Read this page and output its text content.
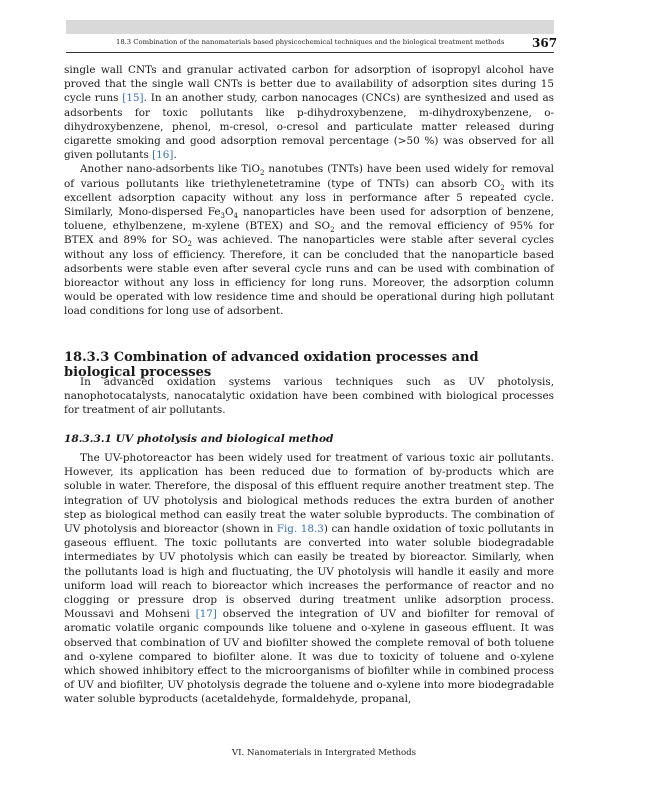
18.3 Combination of the nanomaterials based physicochemical techniques and the biological treatment methods 367

single wall CNTs and granular activated carbon for adsorption of isopropyl alcohol have proved that the single wall CNTs is better due to availability of adsorption sites during 15 cycle runs [15]. In an another study, carbon nanocages (CNCs) are synthesized and used as adsorbents for toxic pollutants like p-dihydroxybenzene, m-dihydroxybenzene, o-dihydroxybenzene, phenol, m-cresol, o-cresol and particulate matter released during cigarette smoking and good adsorption removal percentage (>50 %) was observed for all given pollutants [16].

Another nano-adsorbents like TiO$_2$ nanotubes (TNTs) have been used widely for removal of various pollutants like triethylenetetramine (type of TNTs) can absorb $CO_2$ with its excellent adsorption capacity without any loss in performance after 5 repeated cycle. Similarly, Mono-dispersed $Fe_3O_4$ nanoparticles have been used for adsorption of benzene, toluene, ethylbenzene, m-xylene (BTEX) and $SO_2$ and the removal efficiency of 95% for BTEX and 89% for $SO_2$ was achieved. The nanoparticles were stable after several cycles without any loss of efficiency. Therefore, it can be concluded that the nanoparticle based adsorbents were stable even after several cycle runs and can be used with combination of bioreactor without any loss in efficiency for long runs. Moreover, the adsorption column would be operated with low residence time and should be operational during high pollutant load conditions for long use of adsorbent.

18.3.3 Combination of advanced oxidation processes and biological processes

In advanced oxidation systems various techniques such as UV photolysis, nanophotocatalysts, nanocatalytic oxidation have been combined with biological processes for treatment of air pollutants.

18.3.3.1 UV photolysis and biological method

The UV-photoreactor has been widely used for treatment of various toxic air pollutants. However, its application has been reduced due to formation of by-products which are soluble in water. Therefore, the disposal of this effluent require another treatment step. The integration of UV photolysis and biological methods reduces the extra burden of another step as biological method can easily treat the water soluble byproducts. The combination of UV photolysis and bioreactor (shown in Fig. 18.3) can handle oxidation of toxic pollutants in gaseous effluent. The toxic pollutants are converted into water soluble biodegradable intermediates by UV photolysis which can easily be treated by bioreactor. Similarly, when the pollutants load is high and fluctuating, the UV photolysis will handle it easily and more uniform load will reach to bioreactor which increases the performance of reactor and no clogging or pressure drop is observed during treatment unlike adsorption process. Moussavi and Mohseni [17] observed the integration of UV and biofilter for removal of aromatic volatile organic compounds like toluene and o-xylene in gaseous effluent. It was observed that combination of UV and biofilter showed the complete removal of both toluene and o-xylene compared to biofilter alone. It was due to toxicity of toluene and o-xylene which showed inhibitory effect to the microorganisms of biofilter while in combined process of UV and biofilter, UV photolysis degrade the toluene and o-xylene into more biodegradable water soluble byproducts (acetaldehyde, formaldehyde, propanal,

VI. Nanomaterials in Intergrated Methods
